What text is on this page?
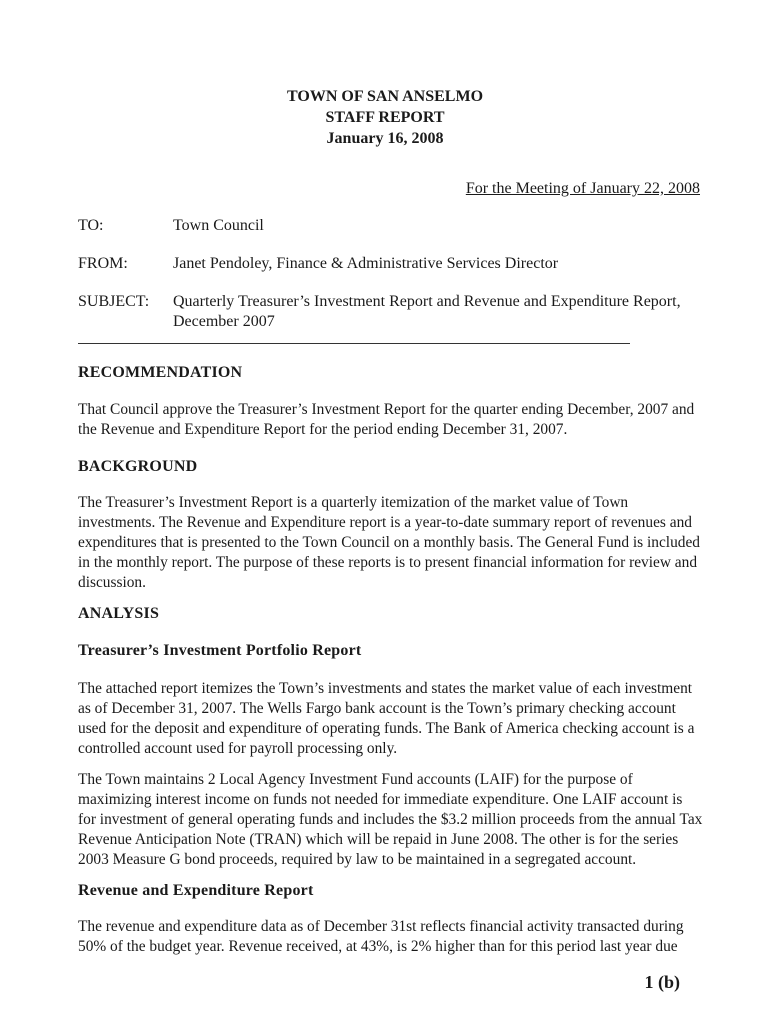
TOWN OF SAN ANSELMO
STAFF REPORT
January 16, 2008
For the Meeting of January 22, 2008
TO:	Town Council
FROM:	Janet Pendoley, Finance & Administrative Services Director
SUBJECT:	Quarterly Treasurer’s Investment Report and Revenue and Expenditure Report,
December 2007
RECOMMENDATION
That Council approve the Treasurer’s Investment Report for the quarter ending December, 2007 and the Revenue and Expenditure Report for the period ending December 31, 2007.
BACKGROUND
The Treasurer’s Investment Report is a quarterly itemization of the market value of Town investments. The Revenue and Expenditure report is a year-to-date summary report of revenues and expenditures that is presented to the Town Council on a monthly basis. The General Fund is included in the monthly report. The purpose of these reports is to present financial information for review and discussion.
ANALYSIS
Treasurer’s Investment Portfolio Report
The attached report itemizes the Town’s investments and states the market value of each investment as of December 31, 2007. The Wells Fargo bank account is the Town’s primary checking account used for the deposit and expenditure of operating funds. The Bank of America checking account is a controlled account used for payroll processing only.
The Town maintains 2 Local Agency Investment Fund accounts (LAIF) for the purpose of maximizing interest income on funds not needed for immediate expenditure. One LAIF account is for investment of general operating funds and includes the $3.2 million proceeds from the annual Tax Revenue Anticipation Note (TRAN) which will be repaid in June 2008. The other is for the series 2003 Measure G bond proceeds, required by law to be maintained in a segregated account.
Revenue and Expenditure Report
The revenue and expenditure data as of December 31st reflects financial activity transacted during 50% of the budget year. Revenue received, at 43%, is 2% higher than for this period last year due
1 (b)
